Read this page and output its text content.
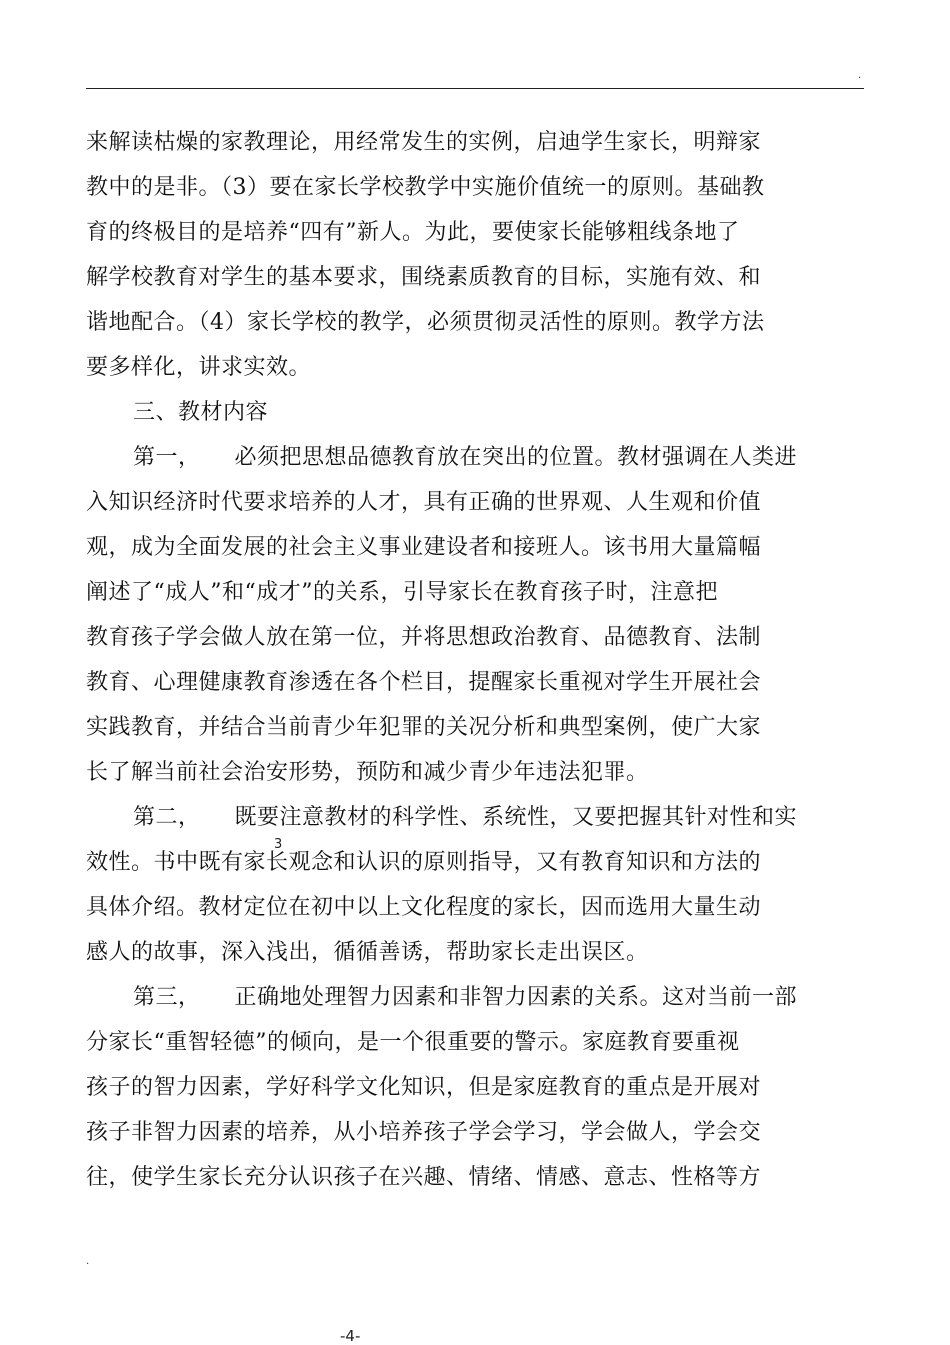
.
来解读枯燥的家教理论，用经常发生的实例，启迪学生家长，明辩家
教中的是非。（3）要在家长学校教学中实施价值统一的原则。基础教
育的终极目的是培养“四有”新人。为此，要使家长能够粗线条地了
解学校教育对学生的基本要求，围绕素质教育的目标，实施有效、和
谐地配合。（4）家长学校的教学，必须贯彻灵活性的原则。教学方法
要多样化，讲求实效。
三、教材内容
第一， 必须把思想品德教育放在突出的位置。教材强调在人类进
入知识经济时代要求培养的人才，具有正确的世界观、人生观和价值
观，成为全面发展的社会主义事业建设者和接班人。该书用大量篇幅
阐述了“成人”和“成才”的关系，引导家长在教育孩子时，注意把
教育孩子学会做人放在第一位，并将思想政治教育、品德教育、法制
教育、心理健康教育渗透在各个栏目，提醒家长重视对学生开展社会
实践教育，并结合当前青少年犯罪的关况分析和典型案例，使广大家
长了解当前社会治安形势，预防和减少青少年违法犯罪。
第二， 既要注意教材的科学性、系统性，又要把握其针对性和实
效性。书中既有家长观念和认识的原则指导，又有教育知识和方法的
3
具体介绍。教材定位在初中以上文化程度的家长，因而选用大量生动
感人的故事，深入浅出，循循善诱，帮助家长走出误区。
第三， 正确地处理智力因素和非智力因素的关系。这对当前一部
分家长“重智轻德”的倾向，是一个很重要的警示。家庭教育要重视
孩子的智力因素，学好科学文化知识，但是家庭教育的重点是开展对
孩子非智力因素的培养，从小培养孩子学会学习，学会做人，学会交
往，使学生家长充分认识孩子在兴趣、情绪、情感、意志、性格等方
.
-4-
